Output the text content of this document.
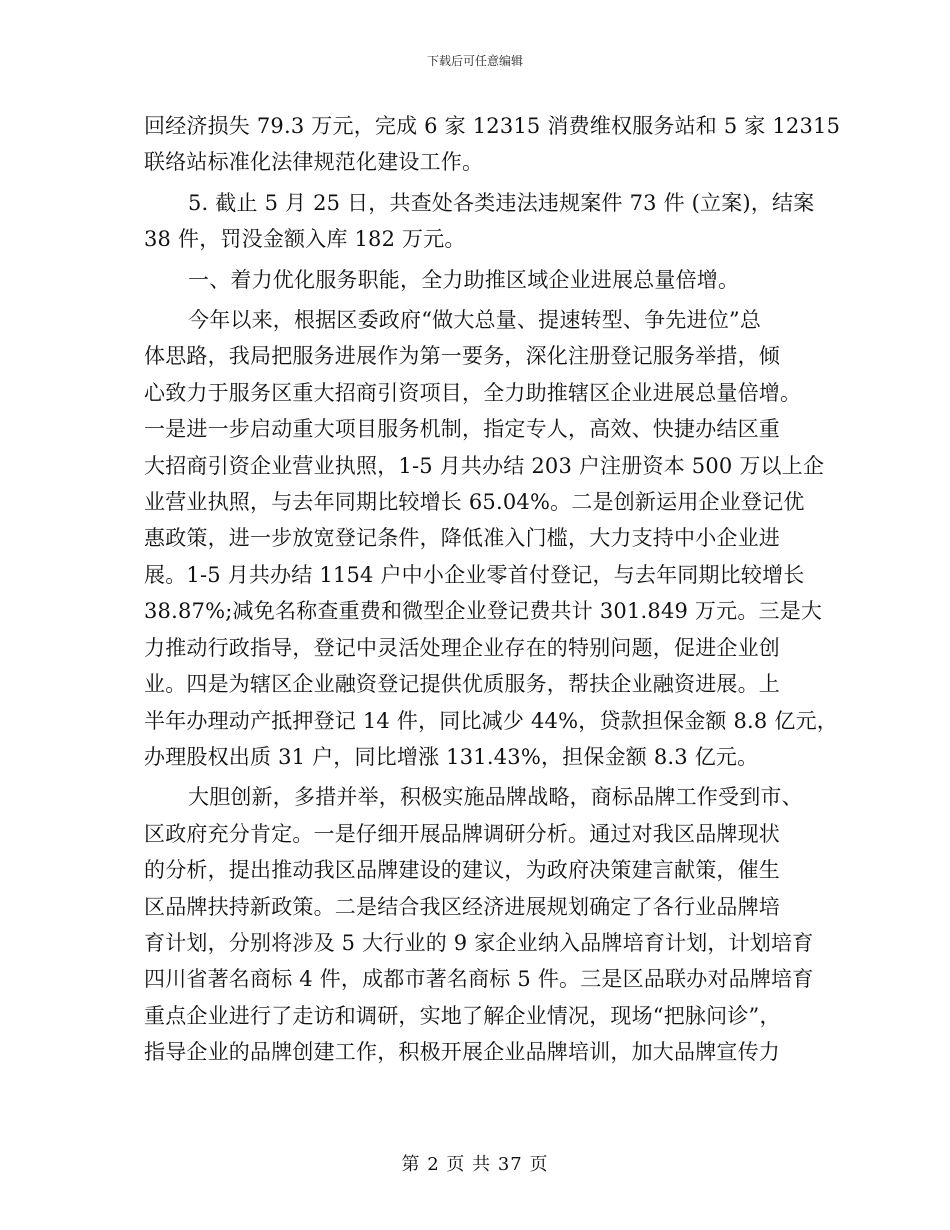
下载后可任意编辑

回经济损失 79.3 万元，完成 6 家 12315 消费维权服务站和 5 家 12315
联络站标准化法律规范化建设工作。

5. 截止 5 月 25 日，共查处各类违法违规案件 73 件 (立案)，结案
38 件，罚没金额入库 182 万元。

一、着力优化服务职能，全力助推区域企业进展总量倍增。

今年以来，根据区委政府“做大总量、提速转型、争先进位”总
体思路，我局把服务进展作为第一要务，深化注册登记服务举措，倾
心致力于服务区重大招商引资项目，全力助推辖区企业进展总量倍增。
一是进一步启动重大项目服务机制，指定专人，高效、快捷办结区重
大招商引资企业营业执照，1-5 月共办结 203 户注册资本 500 万以上企
业营业执照，与去年同期比较增长 65.04%。二是创新运用企业登记优
惠政策，进一步放宽登记条件，降低准入门槛，大力支持中小企业进
展。1-5 月共办结 1154 户中小企业零首付登记，与去年同期比较增长
38.87%;减免名称查重费和微型企业登记费共计 301.849 万元。三是大
力推动行政指导，登记中灵活处理企业存在的特别问题，促进企业创
业。四是为辖区企业融资登记提供优质服务，帮扶企业融资进展。上
半年办理动产抵押登记 14 件，同比减少 44%，贷款担保金额 8.8 亿元，
办理股权出质 31 户，同比增涨 131.43%，担保金额 8.3 亿元。

大胆创新，多措并举，积极实施品牌战略，商标品牌工作受到市、
区政府充分肯定。一是仔细开展品牌调研分析。通过对我区品牌现状
的分析，提出推动我区品牌建设的建议，为政府决策建言献策，催生
区品牌扶持新政策。二是结合我区经济进展规划确定了各行业品牌培
育计划，分别将涉及 5 大行业的 9 家企业纳入品牌培育计划，计划培育
四川省著名商标 4 件，成都市著名商标 5 件。三是区品联办对品牌培育
重点企业进行了走访和调研，实地了解企业情况，现场“把脉问诊”，
指导企业的品牌创建工作，积极开展企业品牌培训，加大品牌宣传力

第 2 页 共 37 页
